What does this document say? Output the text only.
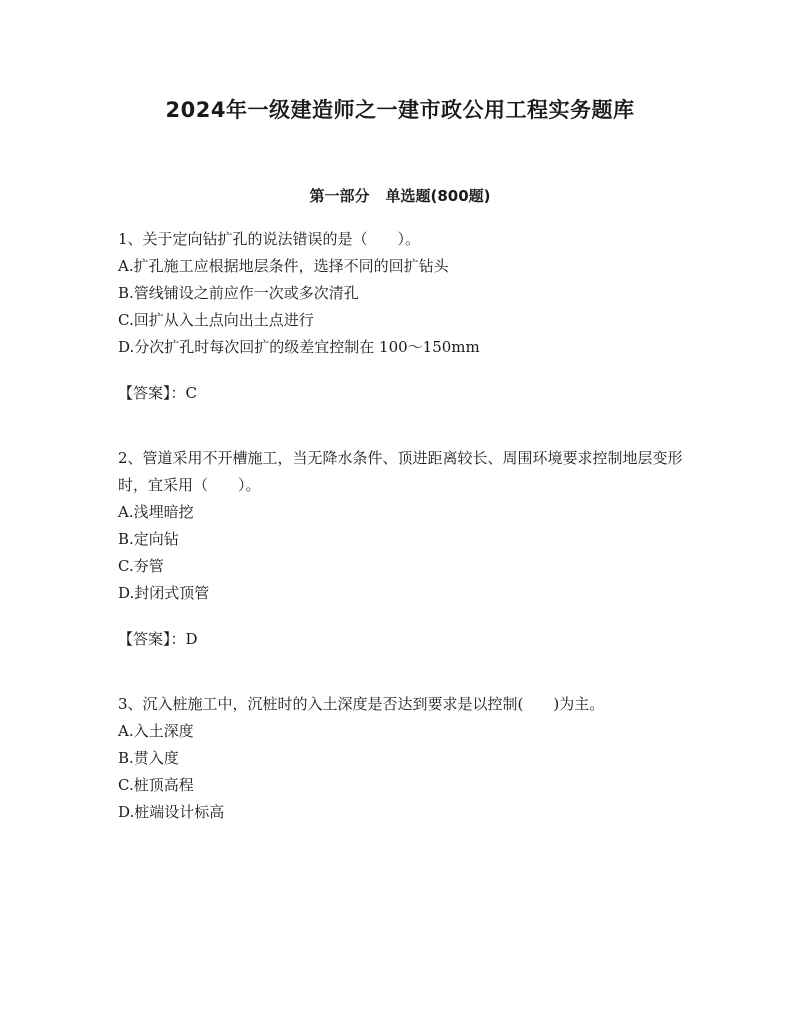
2024年一级建造师之一建市政公用工程实务题库
第一部分 单选题(800题)

1、关于定向钻扩孔的说法错误的是（　　）。

A.扩孔施工应根据地层条件，选择不同的回扩钻头

B.管线铺设之前应作一次或多次清孔

C.回扩从入土点向出土点进行

D.分次扩孔时每次回扩的级差宜控制在 100～150mm

【答案】：C

2、管道采用不开槽施工，当无降水条件、顶进距离较长、周围环境要求控制地层变形时，宜采用（　　）。

A.浅埋暗挖

B.定向钻

C.夯管

D.封闭式顶管

【答案】：D

3、沉入桩施工中，沉桩时的入土深度是否达到要求是以控制(　　)为主。

A.入土深度

B.贯入度

C.桩顶高程

D.桩端设计标高
